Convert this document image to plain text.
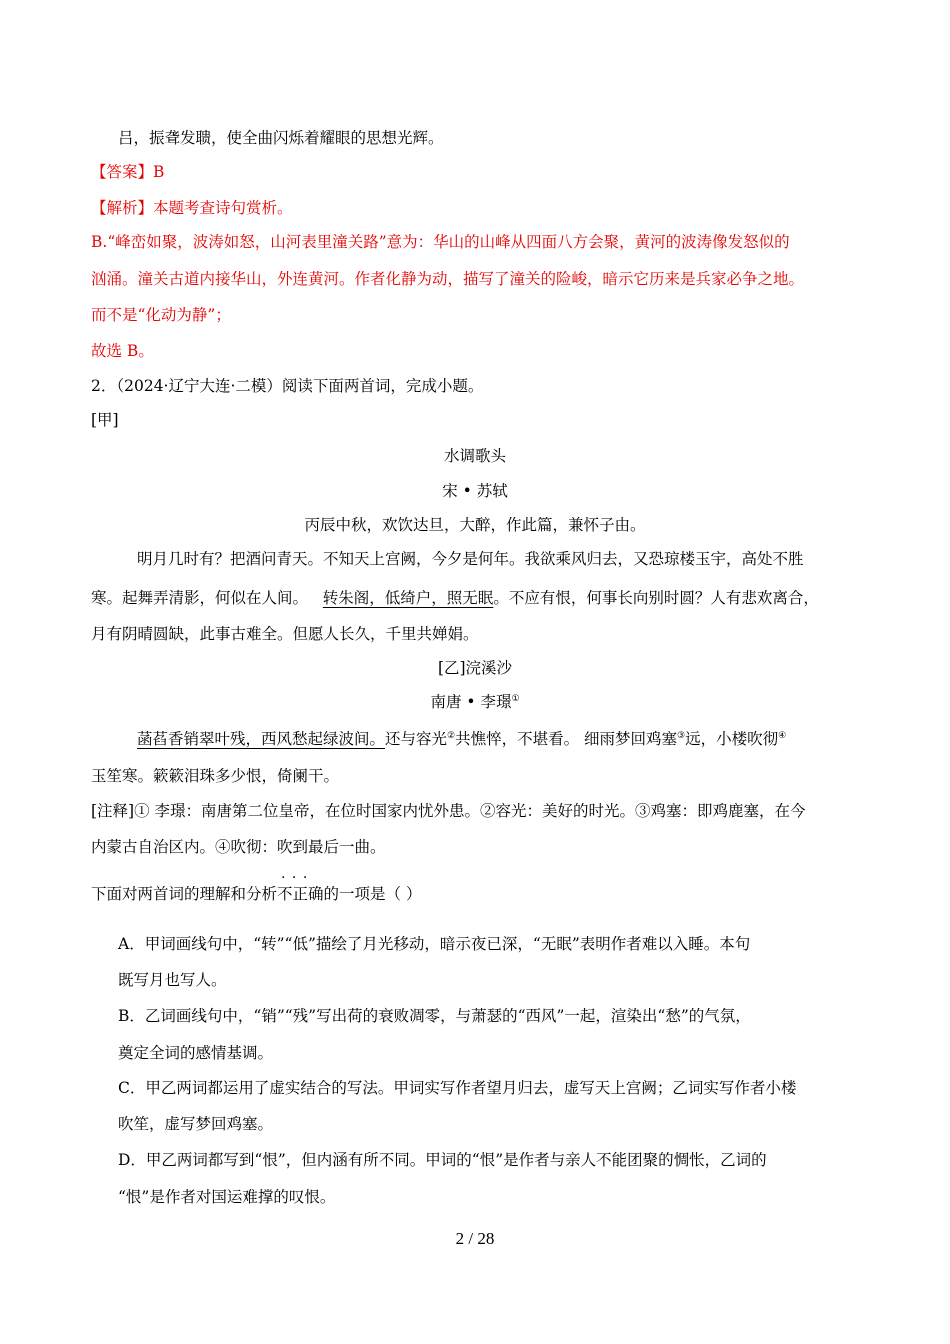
吕，振聋发聩，使全曲闪烁着耀眼的思想光辉。
【答案】B
【解析】本题考查诗句赏析。
B.“峰峦如聚，波涛如怒，山河表里潼关路”意为：华山的山峰从四面八方会聚，黄河的波涛像发怒似的
汹涌。潼关古道内接华山，外连黄河。作者化静为动，描写了潼关的险峻，暗示它历来是兵家必争之地。
而不是“化动为静”；
故选 B。
2．（2024·辽宁大连·二模）阅读下面两首词，完成小题。
[甲]
水调歌头
宋 • 苏轼
丙辰中秋，欢饮达旦，大醉，作此篇，兼怀子由。
明月几时有？把酒问青天。不知天上宫阙，今夕是何年。我欲乘风归去，又恐琼楼玉宇，高处不胜
寒。起舞弄清影，何似在人间。 转朱阁，低绮户，照无眠。不应有恨，何事长向别时圆？人有悲欢离合，
月有阴晴圆缺，此事古难全。但愿人长久，千里共婵娟。
[乙]浣溪沙
南唐 • 李璟①
菡萏香销翠叶残，西风愁起绿波间。还与容光②共憔悴，不堪看。 细雨梦回鸡塞③远，小楼吹彻④
玉笙寒。簌簌泪珠多少恨，倚阑干。
[注释]① 李璟：南唐第二位皇帝，在位时国家内忧外患。②容光：美好的时光。③鸡塞：即鸡鹿塞，在今
内蒙古自治区内。④吹彻：吹到最后一曲。
下面对两首词的理解和分析· · · 不正确的一项是（ ）
A．甲词画线句中，“转”“低”描绘了月光移动，暗示夜已深，“无眠”表明作者难以入睡。本句
既写月也写人。
B．乙词画线句中，“销”“残”写出荷的衰败凋零，与萧瑟的“西风”一起，渲染出“愁”的气氛，
奠定全词的感情基调。
C．甲乙两词都运用了虚实结合的写法。甲词实写作者望月归去，虚写天上宫阙；乙词实写作者小楼
吹笙，虚写梦回鸡塞。
D．甲乙两词都写到“恨”，但内涵有所不同。甲词的“恨”是作者与亲人不能团聚的惆怅，乙词的
“恨”是作者对国运难撑的叹恨。
2 / 28
